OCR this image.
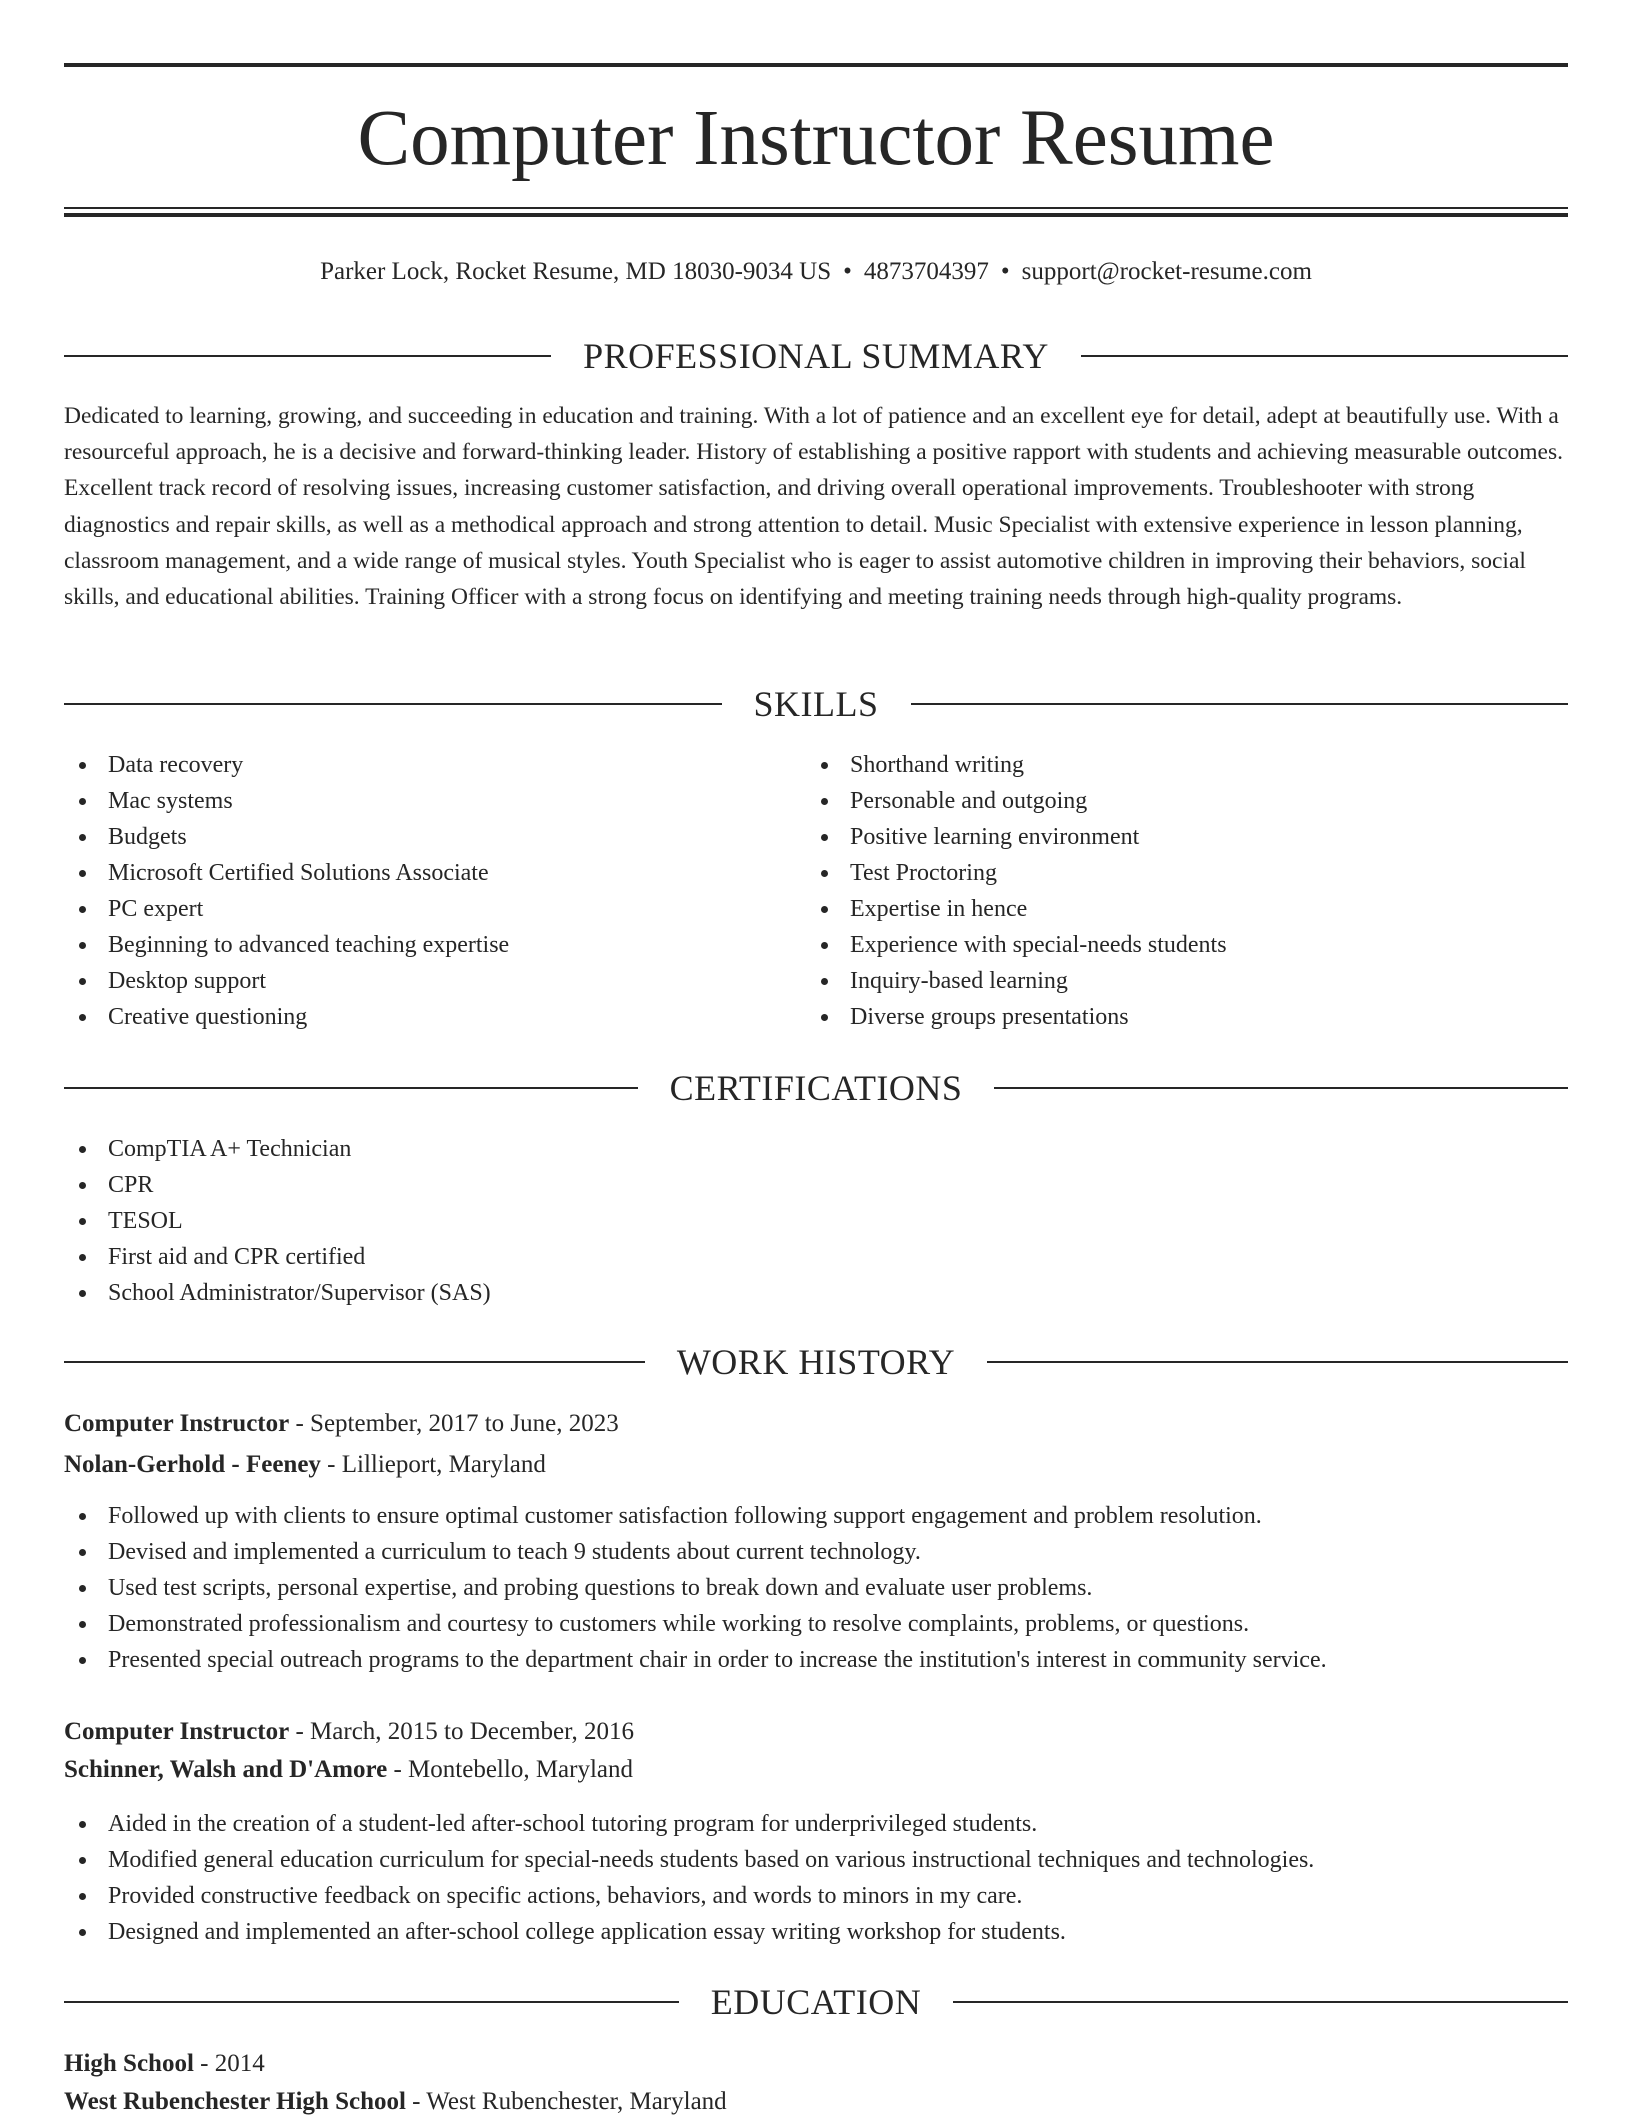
Computer Instructor Resume
Parker Lock, Rocket Resume, MD 18030-9034 US • 4873704397 • support@rocket-resume.com
PROFESSIONAL SUMMARY

Dedicated to learning, growing, and succeeding in education and training. With a lot of patience and an excellent eye for detail, adept at beautifully use. With a resourceful approach, he is a decisive and forward-thinking leader. History of establishing a positive rapport with students and achieving measurable outcomes. Excellent track record of resolving issues, increasing customer satisfaction, and driving overall operational improvements. Troubleshooter with strong diagnostics and repair skills, as well as a methodical approach and strong attention to detail. Music Specialist with extensive experience in lesson planning, classroom management, and a wide range of musical styles. Youth Specialist who is eager to assist automotive children in improving their behaviors, social skills, and educational abilities. Training Officer with a strong focus on identifying and meeting training needs through high-quality programs.

SKILLS
Data recovery
Mac systems
Budgets
Microsoft Certified Solutions Associate
PC expert
Beginning to advanced teaching expertise
Desktop support
Creative questioning
Shorthand writing
Personable and outgoing
Positive learning environment
Test Proctoring
Expertise in hence
Experience with special-needs students
Inquiry-based learning
Diverse groups presentations
CERTIFICATIONS
CompTIA A+ Technician
CPR
TESOL
First aid and CPR certified
School Administrator/Supervisor (SAS)
WORK HISTORY
Computer Instructor - September, 2017 to June, 2023
Nolan-Gerhold - Feeney - Lillieport, Maryland
Followed up with clients to ensure optimal customer satisfaction following support engagement and problem resolution.
Devised and implemented a curriculum to teach 9 students about current technology.
Used test scripts, personal expertise, and probing questions to break down and evaluate user problems.
Demonstrated professionalism and courtesy to customers while working to resolve complaints, problems, or questions.
Presented special outreach programs to the department chair in order to increase the institution's interest in community service.
Computer Instructor - March, 2015 to December, 2016
Schinner, Walsh and D'Amore - Montebello, Maryland
Aided in the creation of a student-led after-school tutoring program for underprivileged students.
Modified general education curriculum for special-needs students based on various instructional techniques and technologies.
Provided constructive feedback on specific actions, behaviors, and words to minors in my care.
Designed and implemented an after-school college application essay writing workshop for students.
EDUCATION
High School - 2014
West Rubenchester High School - West Rubenchester, Maryland
